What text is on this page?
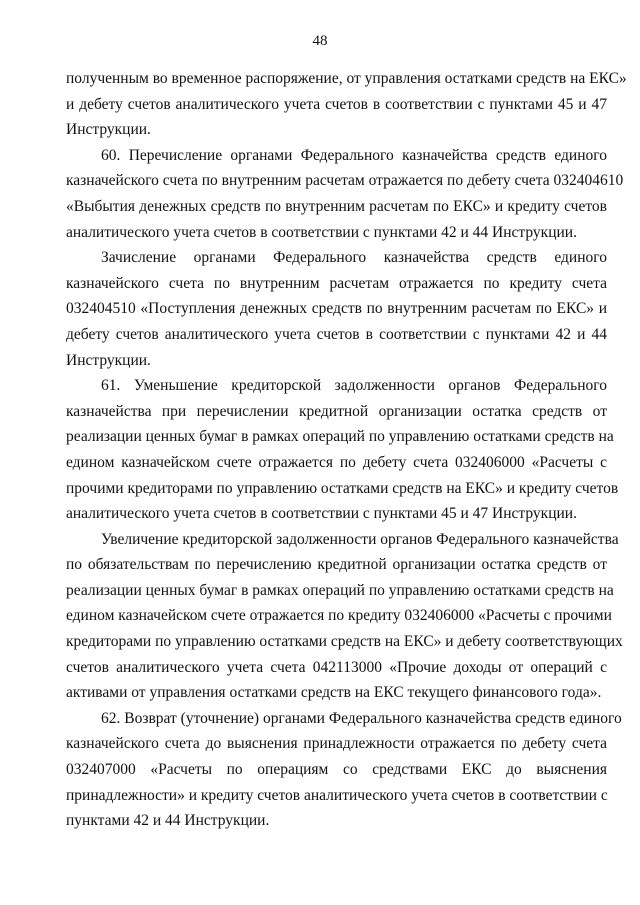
48

полученным во временное распоряжение, от управления остатками средств на ЕКС»
и дебету счетов аналитического учета счетов в соответствии с пунктами 45 и 47
Инструкции.

60. Перечисление органами Федерального казначейства средств единого
казначейского счета по внутренним расчетам отражается по дебету счета 032404610
«Выбытия денежных средств по внутренним расчетам по ЕКС» и кредиту счетов
аналитического учета счетов в соответствии с пунктами 42 и 44 Инструкции.

Зачисление органами Федерального казначейства средств единого
казначейского счета по внутренним расчетам отражается по кредиту счета
032404510 «Поступления денежных средств по внутренним расчетам по ЕКС» и
дебету счетов аналитического учета счетов в соответствии с пунктами 42 и 44
Инструкции.

61. Уменьшение кредиторской задолженности органов Федерального
казначейства при перечислении кредитной организации остатка средств от
реализации ценных бумаг в рамках операций по управлению остатками средств на
едином казначейском счете отражается по дебету счета 032406000 «Расчеты с
прочими кредиторами по управлению остатками средств на ЕКС» и кредиту счетов
аналитического учета счетов в соответствии с пунктами 45 и 47 Инструкции.

Увеличение кредиторской задолженности органов Федерального казначейства
по обязательствам по перечислению кредитной организации остатка средств от
реализации ценных бумаг в рамках операций по управлению остатками средств на
едином казначейском счете отражается по кредиту 032406000 «Расчеты с прочими
кредиторами по управлению остатками средств на ЕКС» и дебету соответствующих
счетов аналитического учета счета 042113000 «Прочие доходы от операций с
активами от управления остатками средств на ЕКС текущего финансового года».

62. Возврат (уточнение) органами Федерального казначейства средств единого
казначейского счета до выяснения принадлежности отражается по дебету счета
032407000 «Расчеты по операциям со средствами ЕКС до выяснения
принадлежности» и кредиту счетов аналитического учета счетов в соответствии с
пунктами 42 и 44 Инструкции.
